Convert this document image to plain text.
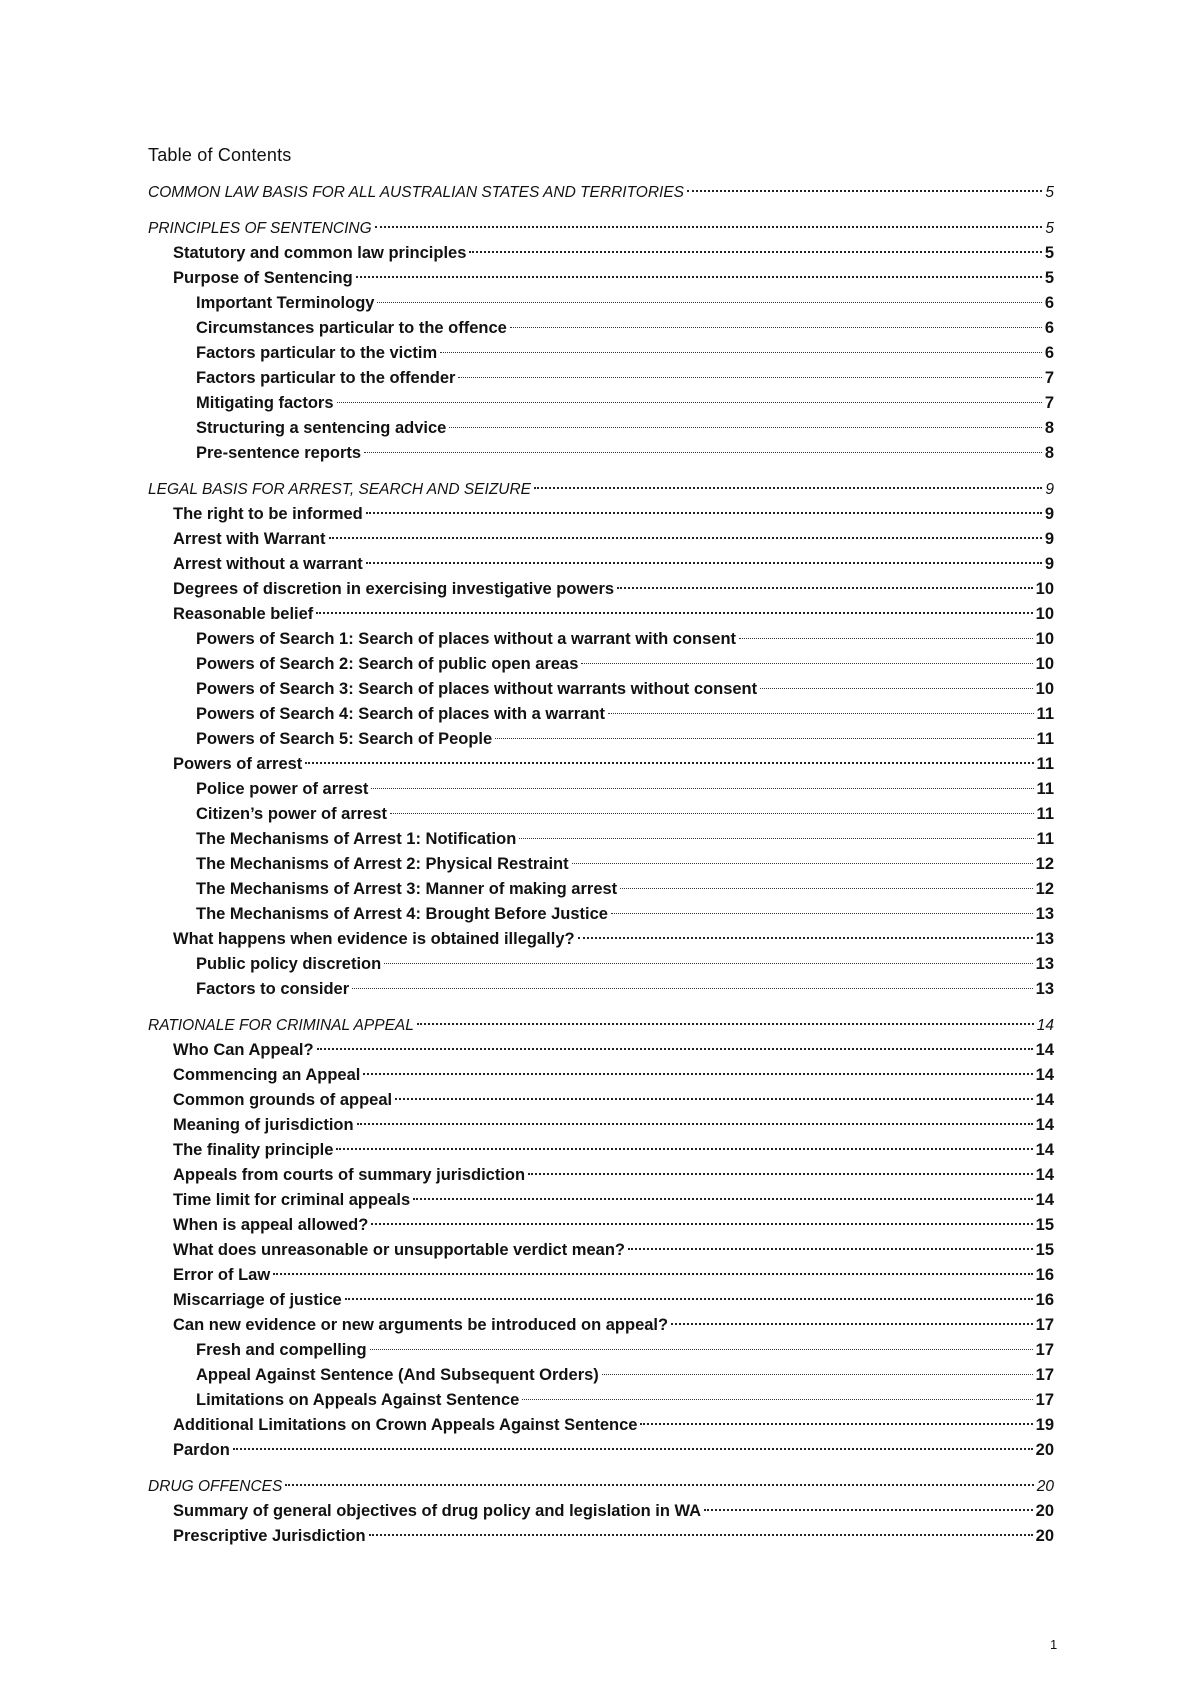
Table of Contents
COMMON LAW BASIS FOR ALL AUSTRALIAN STATES AND TERRITORIES	5
PRINCIPLES OF SENTENCING	5
Statutory and common law principles	5
Purpose of Sentencing	5
Important Terminology	6
Circumstances particular to the offence	6
Factors particular to the victim	6
Factors particular to the offender	7
Mitigating factors	7
Structuring a sentencing advice	8
Pre-sentence reports	8
LEGAL BASIS FOR ARREST, SEARCH AND SEIZURE	9
The right to be informed	9
Arrest with Warrant	9
Arrest without a warrant	9
Degrees of discretion in exercising investigative powers	10
Reasonable belief	10
Powers of Search 1: Search of places without a warrant with consent	10
Powers of Search 2: Search of public open areas	10
Powers of Search 3: Search of places without warrants without consent	10
Powers of Search 4: Search of places with a warrant	11
Powers of Search 5: Search of People	11
Powers of arrest	11
Police power of arrest	11
Citizen’s power of arrest	11
The Mechanisms of Arrest 1: Notification	11
The Mechanisms of Arrest 2: Physical Restraint	12
The Mechanisms of Arrest 3: Manner of making arrest	12
The Mechanisms of Arrest 4: Brought Before Justice	13
What happens when evidence is obtained illegally?	13
Public policy discretion	13
Factors to consider	13
RATIONALE FOR CRIMINAL APPEAL	14
Who Can Appeal?	14
Commencing an Appeal	14
Common grounds of appeal	14
Meaning of jurisdiction	14
The finality principle	14
Appeals from courts of summary jurisdiction	14
Time limit for criminal appeals	14
When is appeal allowed?	15
What does unreasonable or unsupportable verdict mean?	15
Error of Law	16
Miscarriage of justice	16
Can new evidence or new arguments be introduced on appeal?	17
Fresh and compelling	17
Appeal Against Sentence (And Subsequent Orders)	17
Limitations on Appeals Against Sentence	17
Additional Limitations on Crown Appeals Against Sentence	19
Pardon	20
DRUG OFFENCES	20
Summary of general objectives of drug policy and legislation in WA	20
Prescriptive Jurisdiction	20
1
